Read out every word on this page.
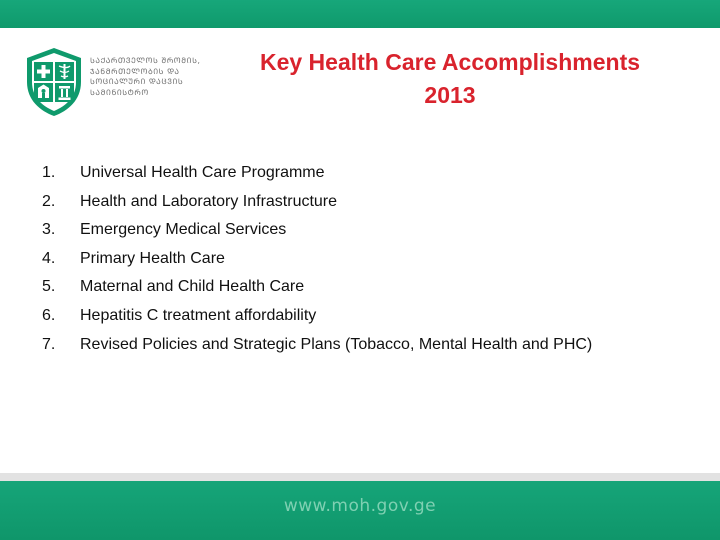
ᲡᲐᲥᲐᲠᲗᲕᲔᲚᲝᲡ ᲨᲠᲝᲛᲘᲡ,
ᲯᲐᲜᲛᲠᲗᲔᲚᲝᲑᲘᲡ ᲓᲐ
ᲡᲝᲪᲘᲐᲚᲣᲠᲘ ᲓᲐᲪᲕᲘᲡ
ᲡᲐᲛᲘᲜᲘᲡᲢᲠᲝ
Key Health Care Accomplishments
2013
1. Universal Health Care Programme
2. Health and Laboratory Infrastructure
3. Emergency Medical Services
4. Primary Health Care
5. Maternal and Child Health Care
6. Hepatitis C treatment affordability
7. Revised Policies and Strategic Plans (Tobacco, Mental Health and PHC)
www.moh.gov.ge
